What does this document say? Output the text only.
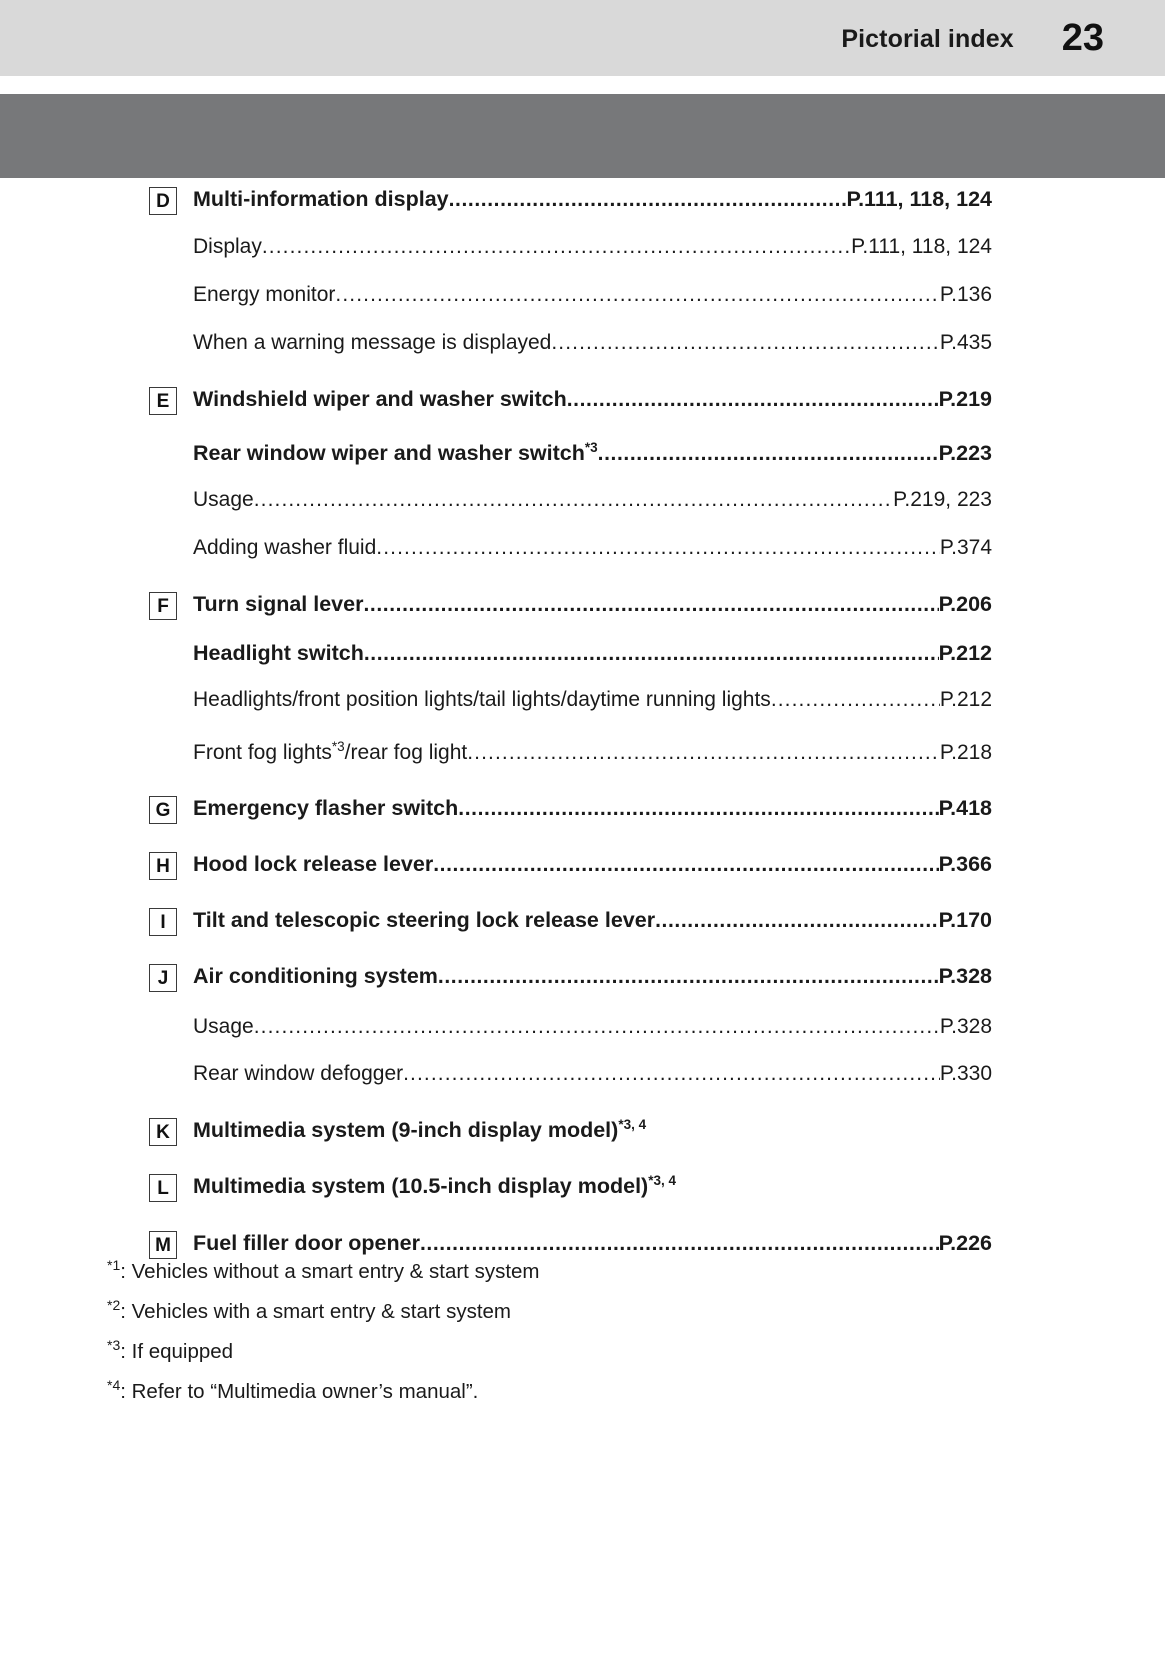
Pictorial index 23
D	Multi-information display .....	P.111, 118, 124
Display .....	P.111, 118, 124
Energy monitor .....	P.136
When a warning message is displayed .....	P.435
E	Windshield wiper and washer switch .....	P.219
Rear window wiper and washer switch$^{*3}$ .....	P.223
Usage .....	P.219, 223
Adding washer fluid .....	P.374
F	Turn signal lever .....	P.206
Headlight switch .....	P.212
Headlights/front position lights/tail lights/daytime running lights .....	P.212
Front fog lights$^{*3}$/rear fog light .....	P.218
G	Emergency flasher switch .....	P.418
H	Hood lock release lever .....	P.366
I	Tilt and telescopic steering lock release lever .....	P.170
J	Air conditioning system .....	P.328
Usage .....	P.328
Rear window defogger .....	P.330
K	Multimedia system (9-inch display model)$^{*3, 4}$
L	Multimedia system (10.5-inch display model)$^{*3, 4}$
M Fuel filler door opener .....	P.226
$^{*1}$: Vehicles without a smart entry & start system
$^{*2}$: Vehicles with a smart entry & start system
$^{*3}$: If equipped
$^{*4}$: Refer to “Multimedia owner’s manual”.
